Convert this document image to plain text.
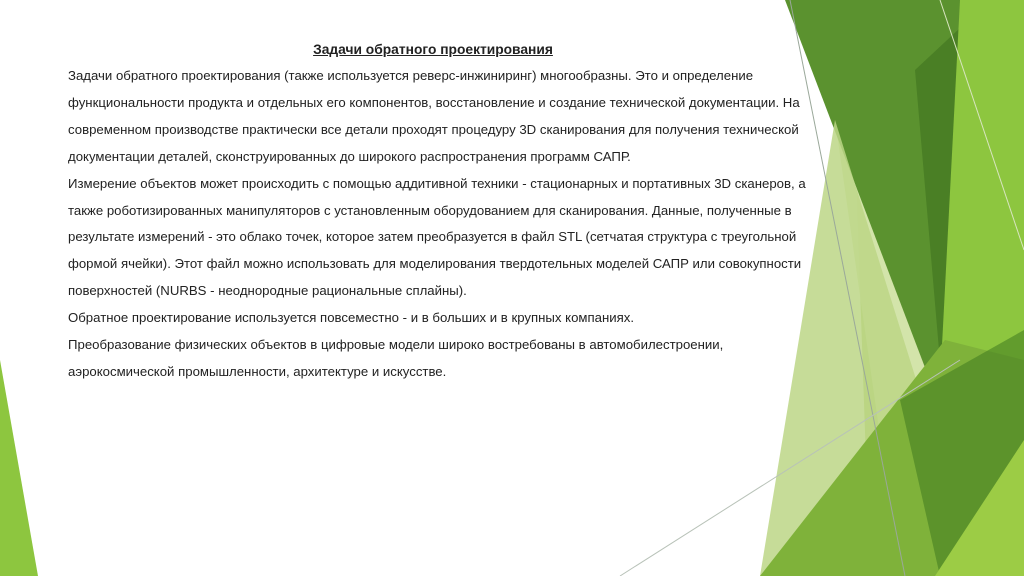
Задачи обратного проектирования

Задачи обратного проектирования (также используется реверс-инжиниринг) многообразны. Это и определение функциональности продукта и отдельных его компонентов, восстановление и создание технической документации. На современном производстве практически все детали проходят процедуру 3D сканирования для получения технической документации деталей, сконструированных до широкого распространения программ САПР.

Измерение объектов может происходить с помощью аддитивной техники - стационарных и портативных 3D сканеров, а также роботизированных манипуляторов с установленным оборудованием для сканирования. Данные, полученные в результате измерений - это облако точек, которое затем преобразуется в файл STL (сетчатая структура с треугольной формой ячейки). Этот файл можно использовать для моделирования твердотельных моделей САПР или совокупности поверхностей (NURBS - неоднородные рациональные сплайны).

Обратное проектирование используется повсеместно - и в больших и в крупных компаниях.

Преобразование физических объектов в цифровые модели широко востребованы в автомобилестроении, аэрокосмической промышленности, архитектуре и искусстве.
